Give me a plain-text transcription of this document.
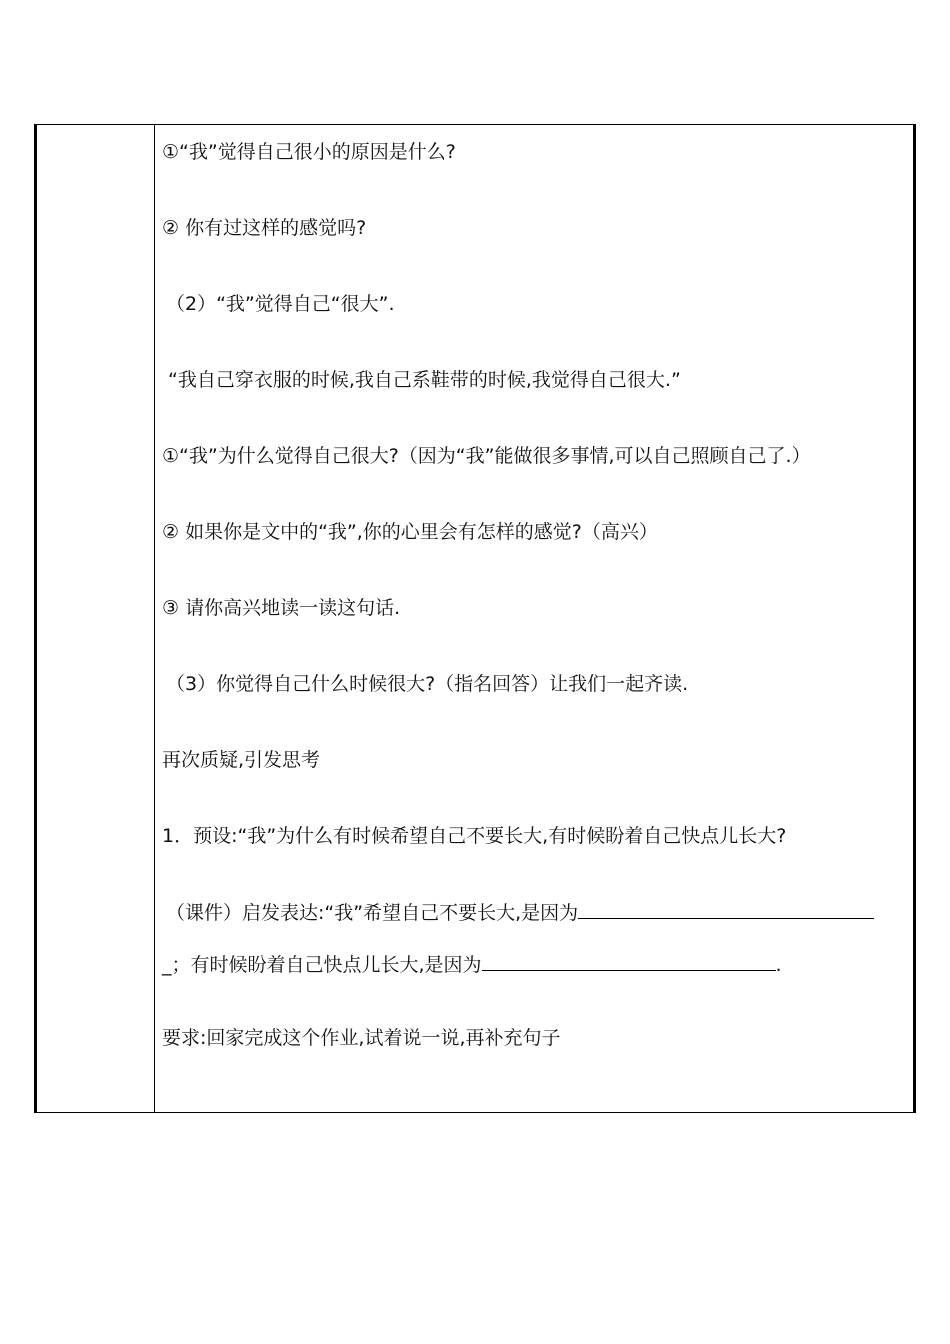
①“我”觉得自己很小的原因是什么?

② 你有过这样的感觉吗?

（2）“我”觉得自己“很大”.

“我自己穿衣服的时候,我自己系鞋带的时候,我觉得自己很大.”

①“我”为什么觉得自己很大?（因为“我”能做很多事情,可以自己照顾自己了.）

② 如果你是文中的“我”,你的心里会有怎样的感觉?（高兴）

③ 请你高兴地读一读这句话.

（3）你觉得自己什么时候很大?（指名回答）让我们一起齐读.

再次质疑,引发思考

1．预设:“我”为什么有时候希望自己不要长大,有时候盼着自己快点儿长大?

（课件）启发表达:“我”希望自己不要长大,是因为

_；有时候盼着自己快点儿长大,是因为	.

要求:回家完成这个作业,试着说一说,再补充句子
